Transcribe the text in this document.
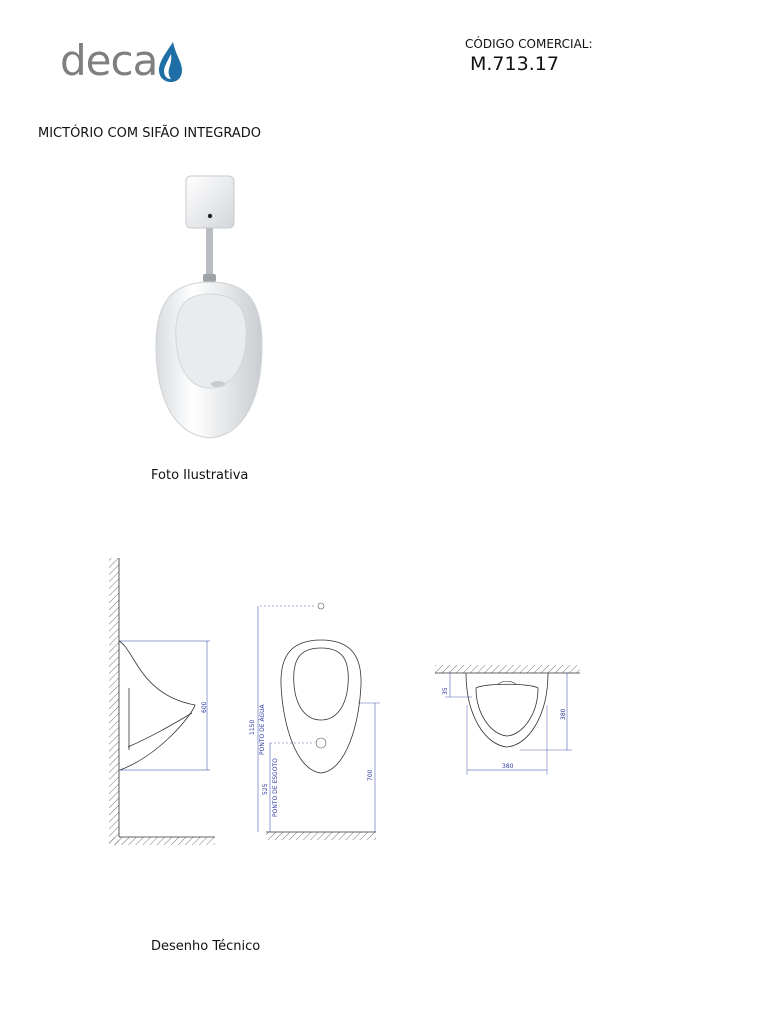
deca	CÓDIGO COMERCIAL:
M.713.17
MICTÓRIO COM SIFÃO INTEGRADO
Foto Ilustrativa
600
1150 PONTO DE ÁGUA
525 PONTO DE ESGOTO	700
35
380
380
Desenho Técnico
